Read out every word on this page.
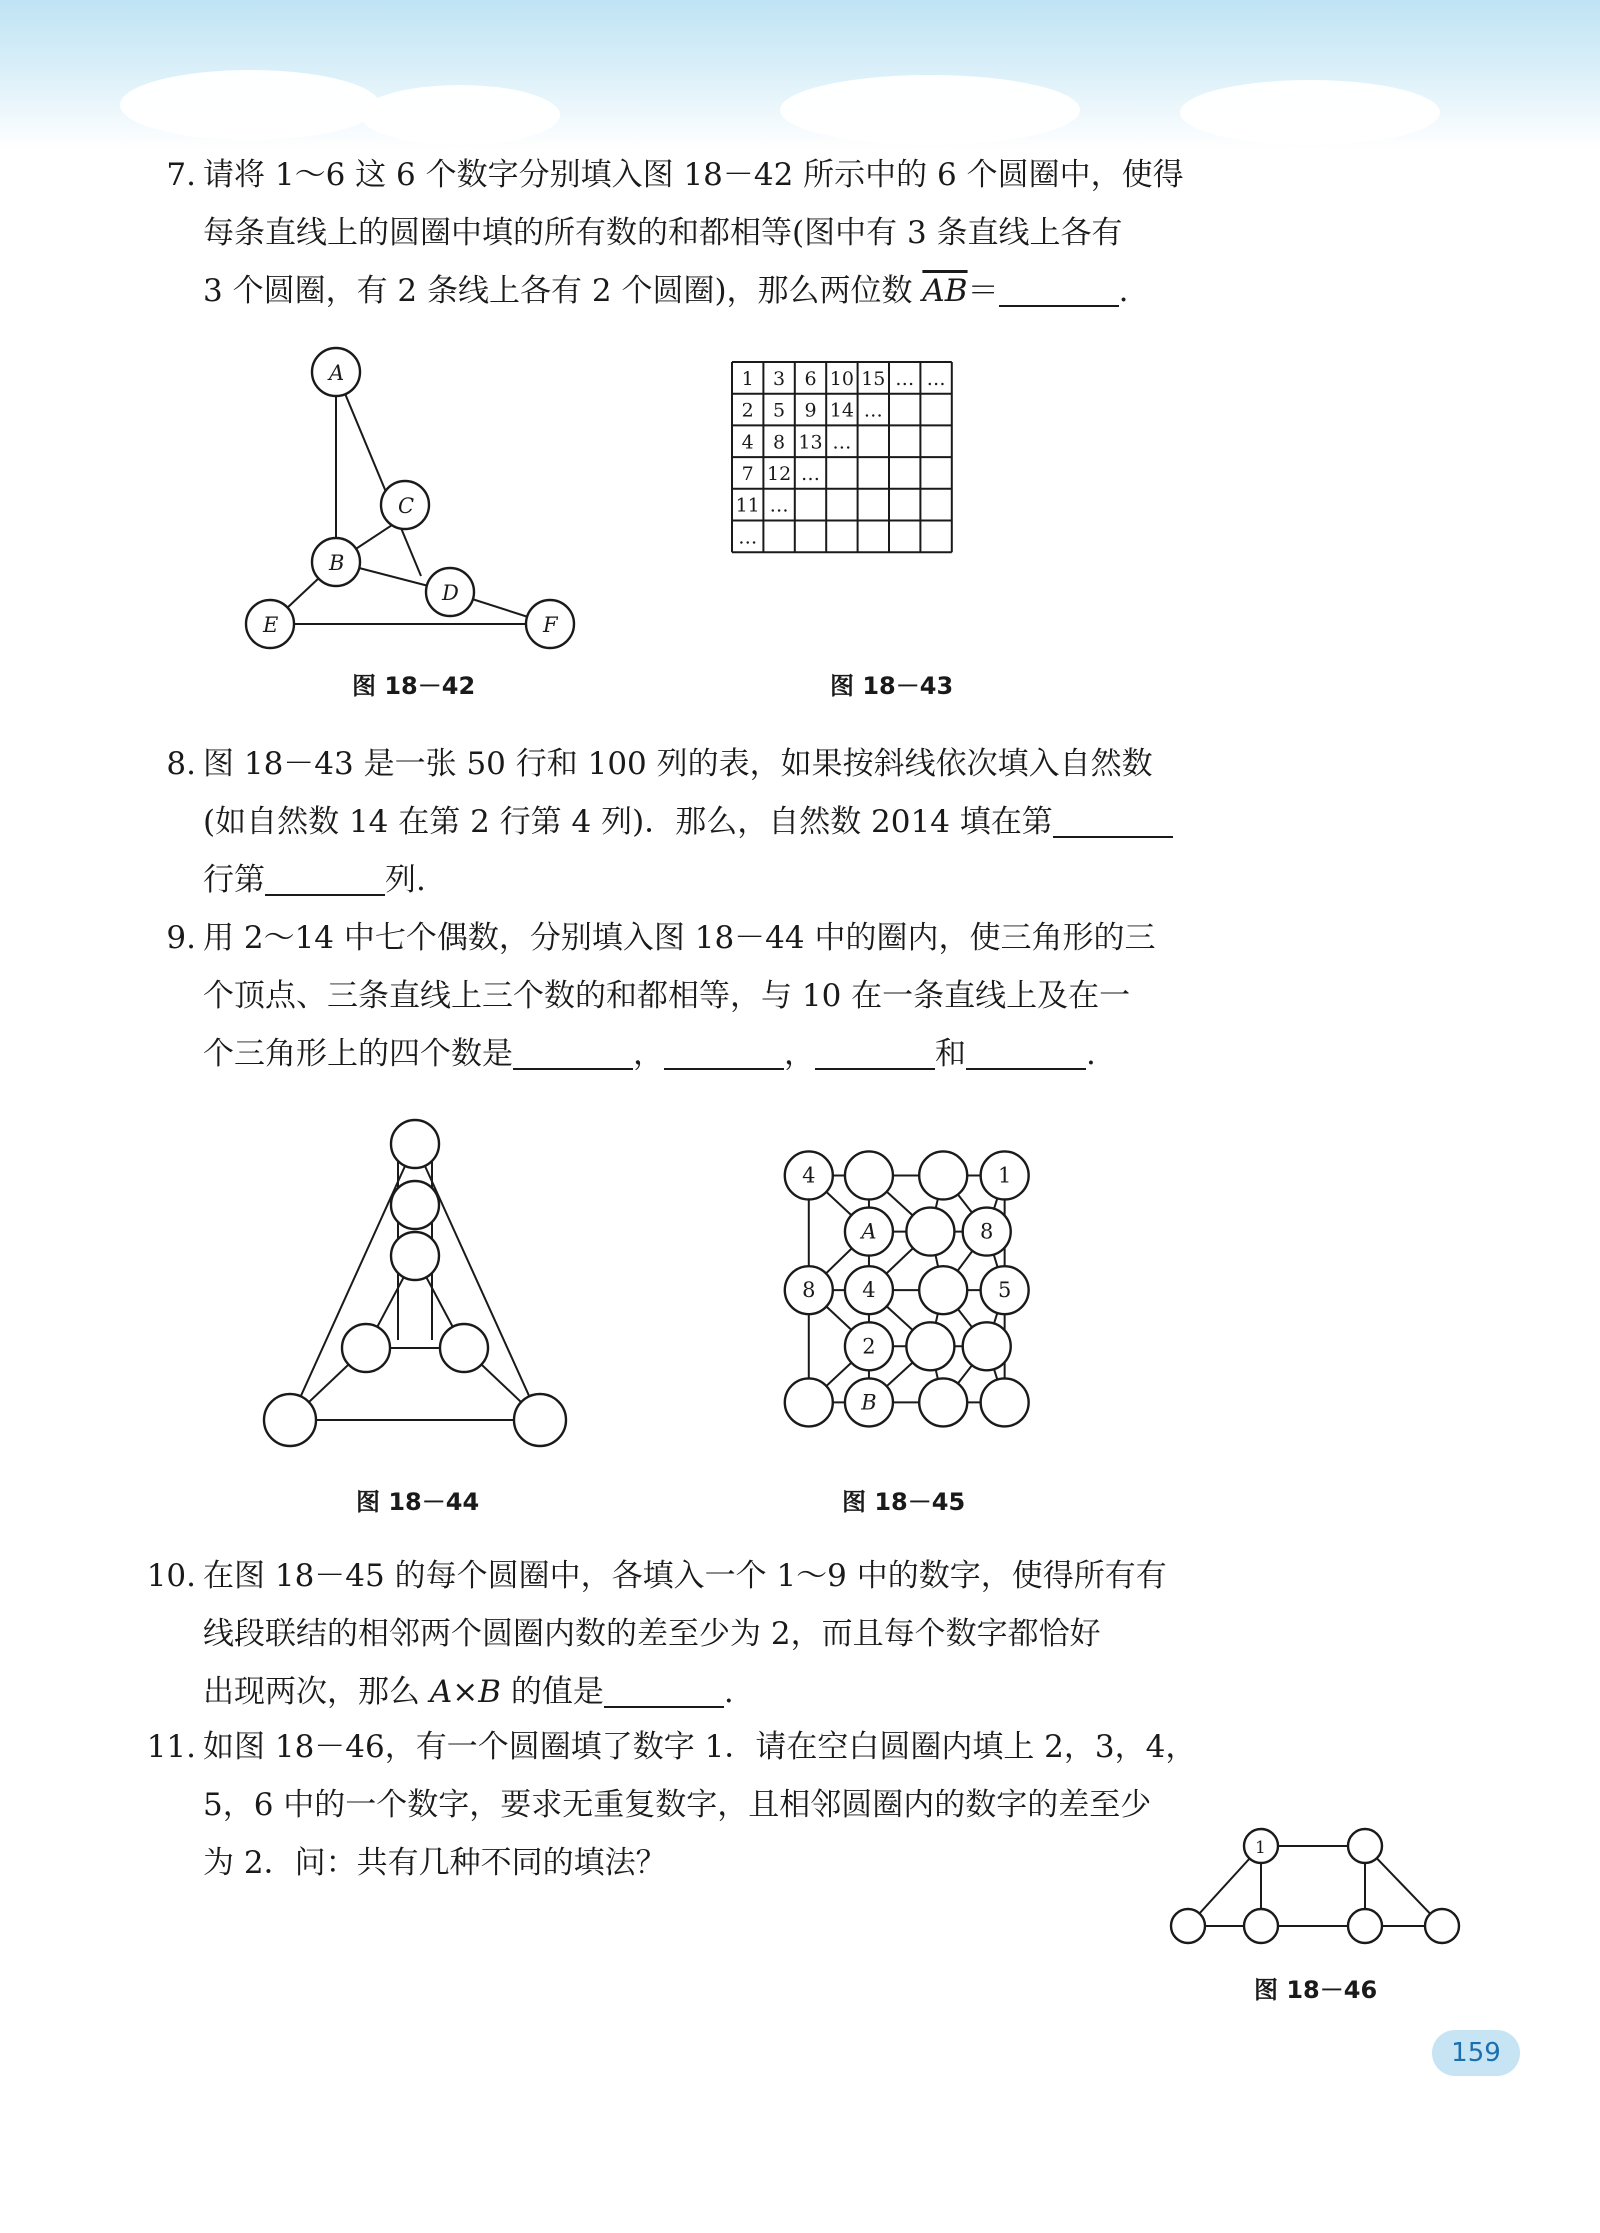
7. 请将 1～6 这 6 个数字分别填入图 18－42 所示中的 6 个圆圈中，使得

每条直线上的圆圈中填的所有数的和都相等(图中有 3 条直线上各有

3 个圆圈，有 2 条线上各有 2 个圆圈)，那么两位数 $\overline{AB}=$	.

A
C
B
D
E	F
图 18－42
1 3 6 10 15 … …
2 5 9 14 …
4 8 13 …
7 12 …
11 …
…
图 18－43
8. 图 18－43 是一张 50 行和 100 列的表，如果按斜线依次填入自然数

(如自然数 14 在第 2 行第 4 列)．那么，自然数 2014 填在第

行第	列.

9. 用 2～14 中七个偶数，分别填入图 18－44 中的圈内，使三角形的三

个顶点、三条直线上三个数的和都相等，与 10 在一条直线上及在一

个三角形上的四个数是	，	，	和	.

图 18－44
4	1
A	8
8 4	5
2
B
图 18－45
10. 在图 18－45 的每个圆圈中，各填入一个 1～9 中的数字，使得所有有

线段联结的相邻两个圆圈内数的差至少为 2，而且每个数字都恰好

出现两次，那么 A×B 的值是	.

11. 如图 18－46，有一个圆圈填了数字 1．请在空白圆圈内填上 2，3，4，

5，6 中的一个数字，要求无重复数字，且相邻圆圈内的数字的差至少

为 2．问：共有几种不同的填法？	1
图 18－46
159
